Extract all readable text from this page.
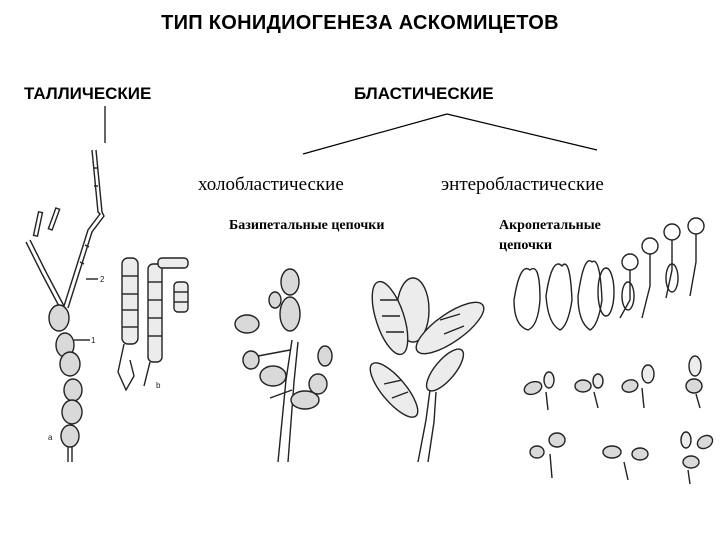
ТИП КОНИДИОГЕНЕЗА АСКОМИЦЕТОВ
ТАЛЛИЧЕСКИЕ	БЛАСТИЧЕСКИЕ
холобластические	энтеробластические
Базипетальные цепочки	Акропетальные
цепочки
2
1
a
b
